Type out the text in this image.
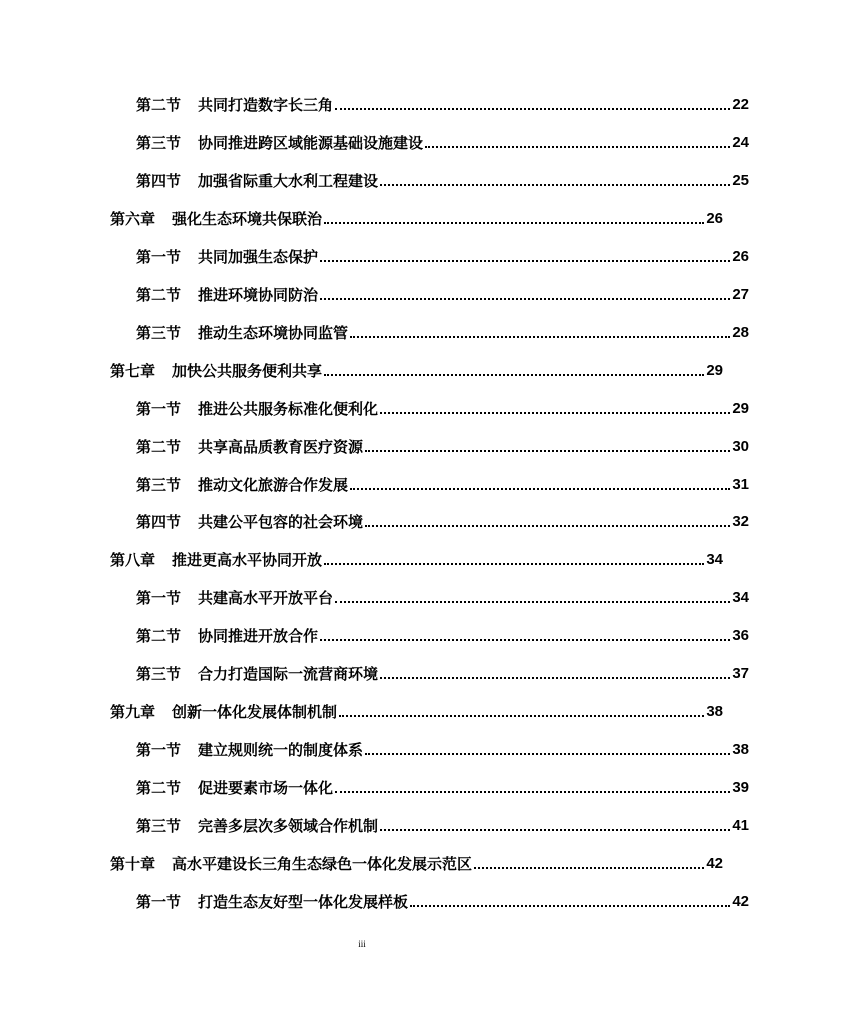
第二节 共同打造数字长三角	22
第三节 协同推进跨区域能源基础设施建设	24
第四节 加强省际重大水利工程建设	25
第六章 强化生态环境共保联治	26
第一节 共同加强生态保护	26
第二节 推进环境协同防治	27
第三节 推动生态环境协同监管	28
第七章 加快公共服务便利共享	29
第一节 推进公共服务标准化便利化	29
第二节 共享高品质教育医疗资源	30
第三节 推动文化旅游合作发展	31
第四节 共建公平包容的社会环境	32
第八章 推进更高水平协同开放	34
第一节 共建高水平开放平台	34
第二节 协同推进开放合作	36
第三节 合力打造国际一流营商环境	37
第九章 创新一体化发展体制机制	38
第一节 建立规则统一的制度体系	38
第二节 促进要素市场一体化	39
第三节 完善多层次多领域合作机制	41
第十章 高水平建设长三角生态绿色一体化发展示范区	42
第一节 打造生态友好型一体化发展样板	42
iii
